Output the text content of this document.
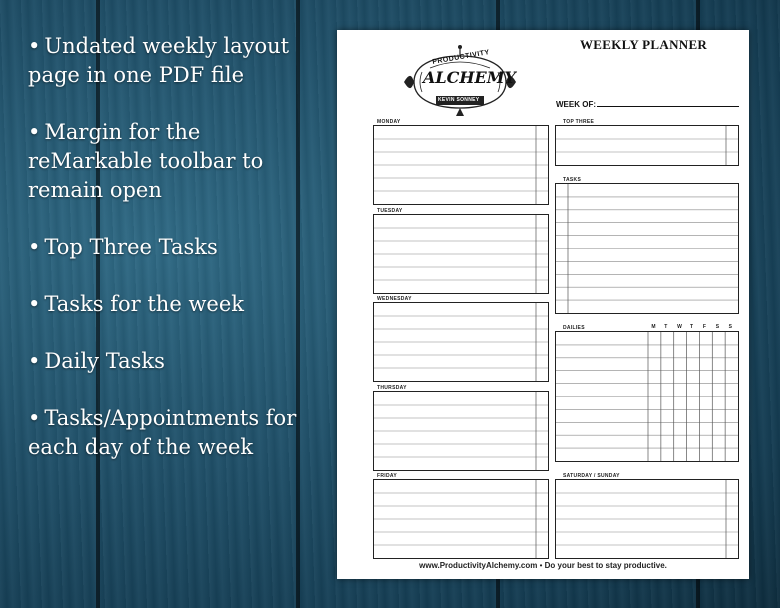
• Undated weekly layout page in one PDF file
• Margin for the reMarkable toolbar to remain open
• Top Three Tasks
• Tasks for the week
• Daily Tasks
• Tasks/Appointments for each day of the week
PRODUCTIVITY
ALCHEMY
KEVIN SONNEY
WEEKLY PLANNER
WEEK OF:
MONDAY
TUESDAY
WEDNESDAY
THURSDAY
FRIDAY
TOP THREE
TASKS
DAILIES	M T W T F S S
SATURDAY / SUNDAY
www.ProductivityAlchemy.com • Do your best to stay productive.
